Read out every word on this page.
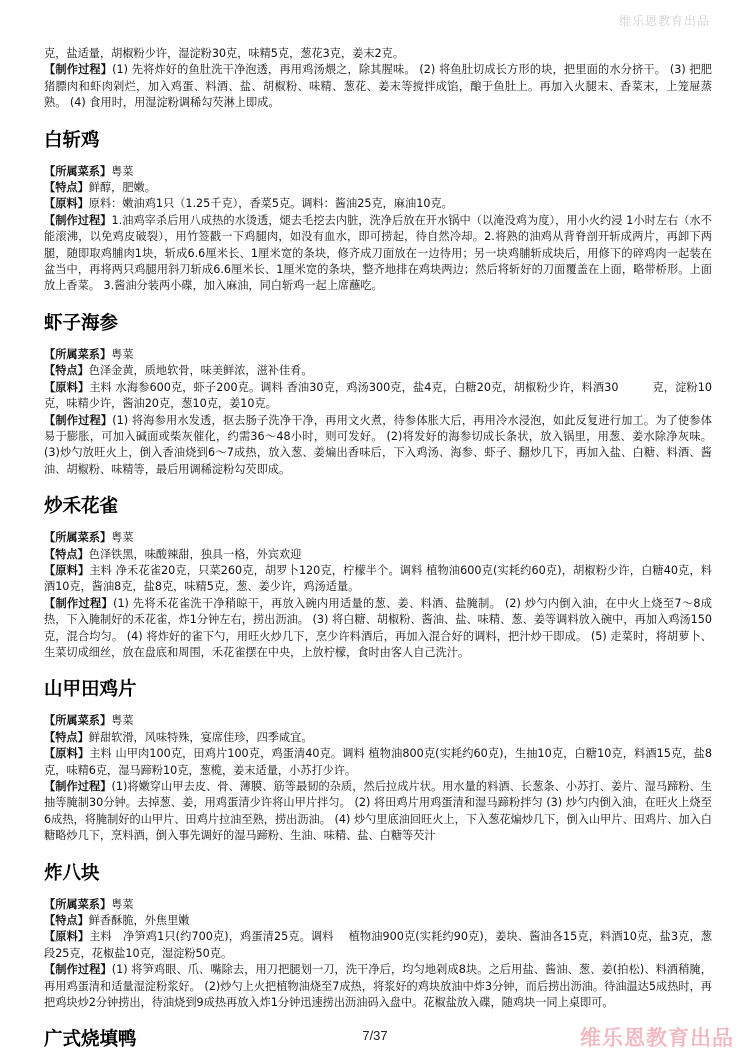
维乐恩教育出品

克，盐适量，胡椒粉少许，湿淀粉30克，味精5克，葱花3克，姜末2克。

【制作过程】(1) 先将炸好的鱼肚洗干净泡透，再用鸡汤煨之，除其腥味。 (2) 将鱼肚切成长方形的块，把里面的水分挤干。 (3) 把肥猪膘肉和虾肉剁烂，加入鸡蛋、料酒、盐、胡椒粉、味精、葱花、姜末等搅拌成馅，酿于鱼肚上。再加入火腿末、香菜末，上笼屉蒸熟。 (4) 食用时，用湿淀粉调稀勾芡淋上即成。

白斩鸡

【所属菜系】粤菜

【特点】鲜醇，肥嫩。

【原料】原料：嫩油鸡1只（1.25千克），香菜5克。调料：酱油25克，麻油10克。

【制作过程】1.油鸡宰杀后用八成热的水烫透，煺去毛挖去内脏，洗净后放在开水锅中（以淹没鸡为度），用小火约浸 1小时左右（水不能滚沸，以免鸡皮破裂），用竹签戳一下鸡腿肉，如没有血水，即可捞起，待自然冷却。2.将熟的油鸡从背脊剖开斩成两片，再卸下两腿，随即取鸡脯肉1块，斩成6.6厘米长、1厘米宽的条块，修齐成刀面放在一边待用；另一块鸡脯斩成块后，用修下的碎鸡肉一起装在盆当中，再将两只鸡腿用斜刀斩成6.6厘米长、1厘米宽的条块，整齐地排在鸡块两边；然后将斩好的刀面覆盖在上面，略带桥形。上面放上香菜。 3.酱油分装两小碟，加入麻油，同白斩鸡一起上席蘸吃。

虾子海参

【所属菜系】粤菜

【特点】色泽金黄，质地软骨，味美鲜浓，滋补佳肴。

【原料】主料 水海参600克，虾子200克。调料 香油30克，鸡汤300克，盐4克，白糖20克，胡椒粉少许，料酒30　　　克，淀粉10克，味精少许，酱油20克，葱10克，姜10克。

【制作过程】(1) 将海参用水发透，抠去肠子洗净干净，再用文火煮，待参体胀大后，再用冷水浸泡，如此反复进行加工。为了使参体易于膨胀，可加入碱面或柴灰催化，约需36～48小时，则可发好。 (2)将发好的海参切成长条状，放入锅里，用葱、姜水除净灰味。 (3)炒勺放旺火上，倒入香油烧到6～7成热，放入葱、姜煸出香味后，下入鸡汤、海参、虾子、翻炒几下，再加入盐、白糖、料酒、酱油、胡椒粉、味精等，最后用调稀淀粉勾芡即成。

炒禾花雀

【所属菜系】粤菜

【特点】色泽铁黑，味酸辣甜，独具一格，外宾欢迎

【原料】主料 净禾花雀20克，只菜260克，胡罗卜120克，柠檬半个。调料 植物油600克(实耗约60克)，胡椒粉少许，白糖40克，料酒10克，酱油8克，盐8克，味精5克，葱、姜少许，鸡汤适量。

【制作过程】(1) 先将禾花雀洗干净稍晾干，再放入碗内用适量的葱、姜、料酒、盐腌制。 (2) 炒勺内倒入油，在中火上烧至7～8成热，下入腌制好的禾花雀，炸1分钟左右，捞出沥油。 (3) 将白糖、胡椒粉、酱油、盐、味精、葱、姜等调料放入碗中，再加入鸡汤150克，混合均匀。 (4) 将炸好的雀下勺，用旺火炒几下，烹少许料酒后，再加入混合好的调料，把汁炒干即成。 (5) 走菜时，将胡萝卜、生菜切成细丝，放在盘底和周围，禾花雀摆在中央，上放柠檬，食时由客人自己洗汁。

山甲田鸡片

【所属菜系】粤菜

【特点】鲜甜软滑，风味特殊，宴席佳珍，四季咸宜。

【原料】主料 山甲肉100克，田鸡片100克，鸡蛋清40克。调料 植物油800克(实耗约60克)，生抽10克，白糖10克，料酒15克，盐8克，味精6克，湿马蹄粉10克，葱榄，姜末适量，小苏打少许。

【制作过程】(1)将嫩穿山甲去皮、骨、薄膜、筋等最韧的杂质，然后拉成片状。用水量的料酒、长葱条、小苏打、姜片、湿马蹄粉、生抽等腌制30分钟。去掉葱、姜，用鸡蛋清少许将山甲片拌匀。 (2) 将田鸡片用鸡蛋清和湿马蹄粉拌匀 (3) 炒勺内倒入油，在旺火上烧至6成热，将腌制好的山甲片、田鸡片拉油至熟，捞出沥油。 (4) 炒勺里底油回旺火上，下入葱花煸炒几下，倒入山甲片、田鸡片、加入白糖略炒几下，烹料酒，倒入事先调好的湿马蹄粉、生油、味精、盐、白糖等芡汁

炸八块

【所属菜系】粤菜

【特点】鲜香酥脆，外焦里嫩

【原料】主料　净笋鸡1只(约700克)，鸡蛋清25克。调料　 植物油900克(实耗约90克)，姜块、酱油各15克，料酒10克，盐3克，葱段25克，花椒盐10克，湿淀粉50克。

【制作过程】(1) 将笋鸡眼、爪、嘴除去，用刀把腿划一刀，洗干净后，均匀地剁成8块。之后用盐、酱油、葱、姜(拍松)、料酒稍腌，再用鸡蛋清和适量湿淀粉浆好。 (2)炒勺上火把植物油烧至7成热，将浆好的鸡块放油中炸3分钟，而后捞出沥油。待油温达5成热时，再把鸡块炒2分钟捞出，待油烧到9成热再放入炸1分钟迅速捞出沥油码入盘中。花椒盐放入碟，随鸡块一同上桌即可。

广式烧填鸭	7/37	维乐恩教育出品
